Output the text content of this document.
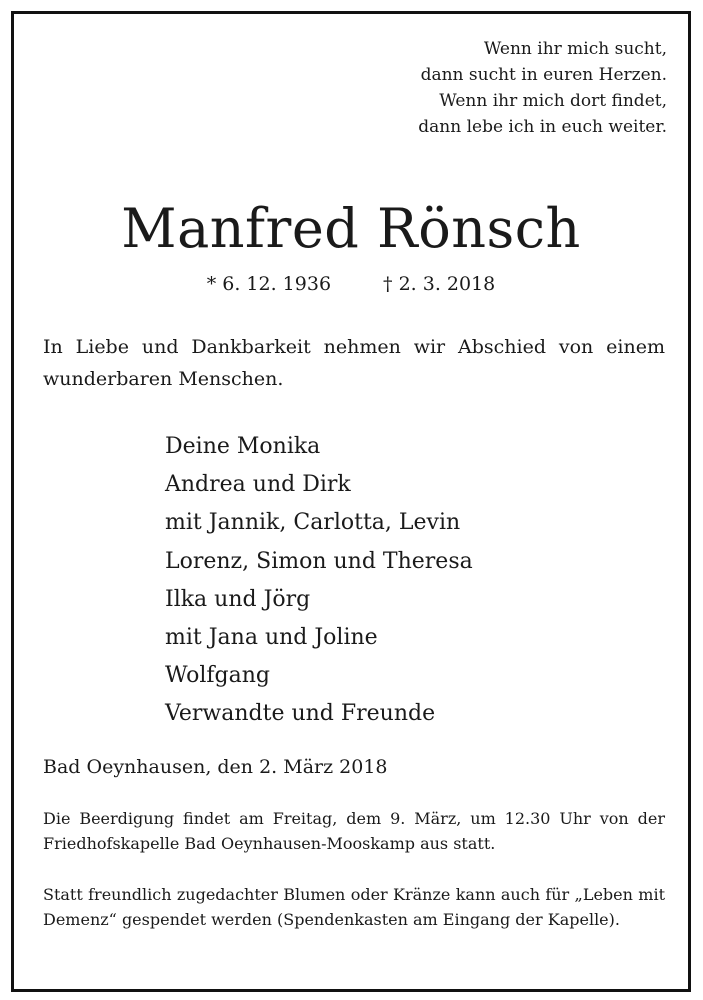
Wenn ihr mich sucht,
dann sucht in euren Herzen.
Wenn ihr mich dort findet,
dann lebe ich in euch weiter.
Manfred Rönsch
* 6. 12. 1936	† 2. 3. 2018

In Liebe und Dankbarkeit nehmen wir Abschied von einem wunderbaren Menschen.

Deine Monika
Andrea und Dirk
mit Jannik, Carlotta, Levin
Lorenz, Simon und Theresa
Ilka und Jörg
mit Jana und Joline
Wolfgang
Verwandte und Freunde

Bad Oeynhausen, den 2. März 2018

Die Beerdigung findet am Freitag, dem 9. März, um 12.30 Uhr von der Friedhofskapelle Bad Oeynhausen-Mooskamp aus statt.

Statt freundlich zugedachter Blumen oder Kränze kann auch für „Leben mit Demenz“ gespendet werden (Spendenkasten am Eingang der Kapelle).
